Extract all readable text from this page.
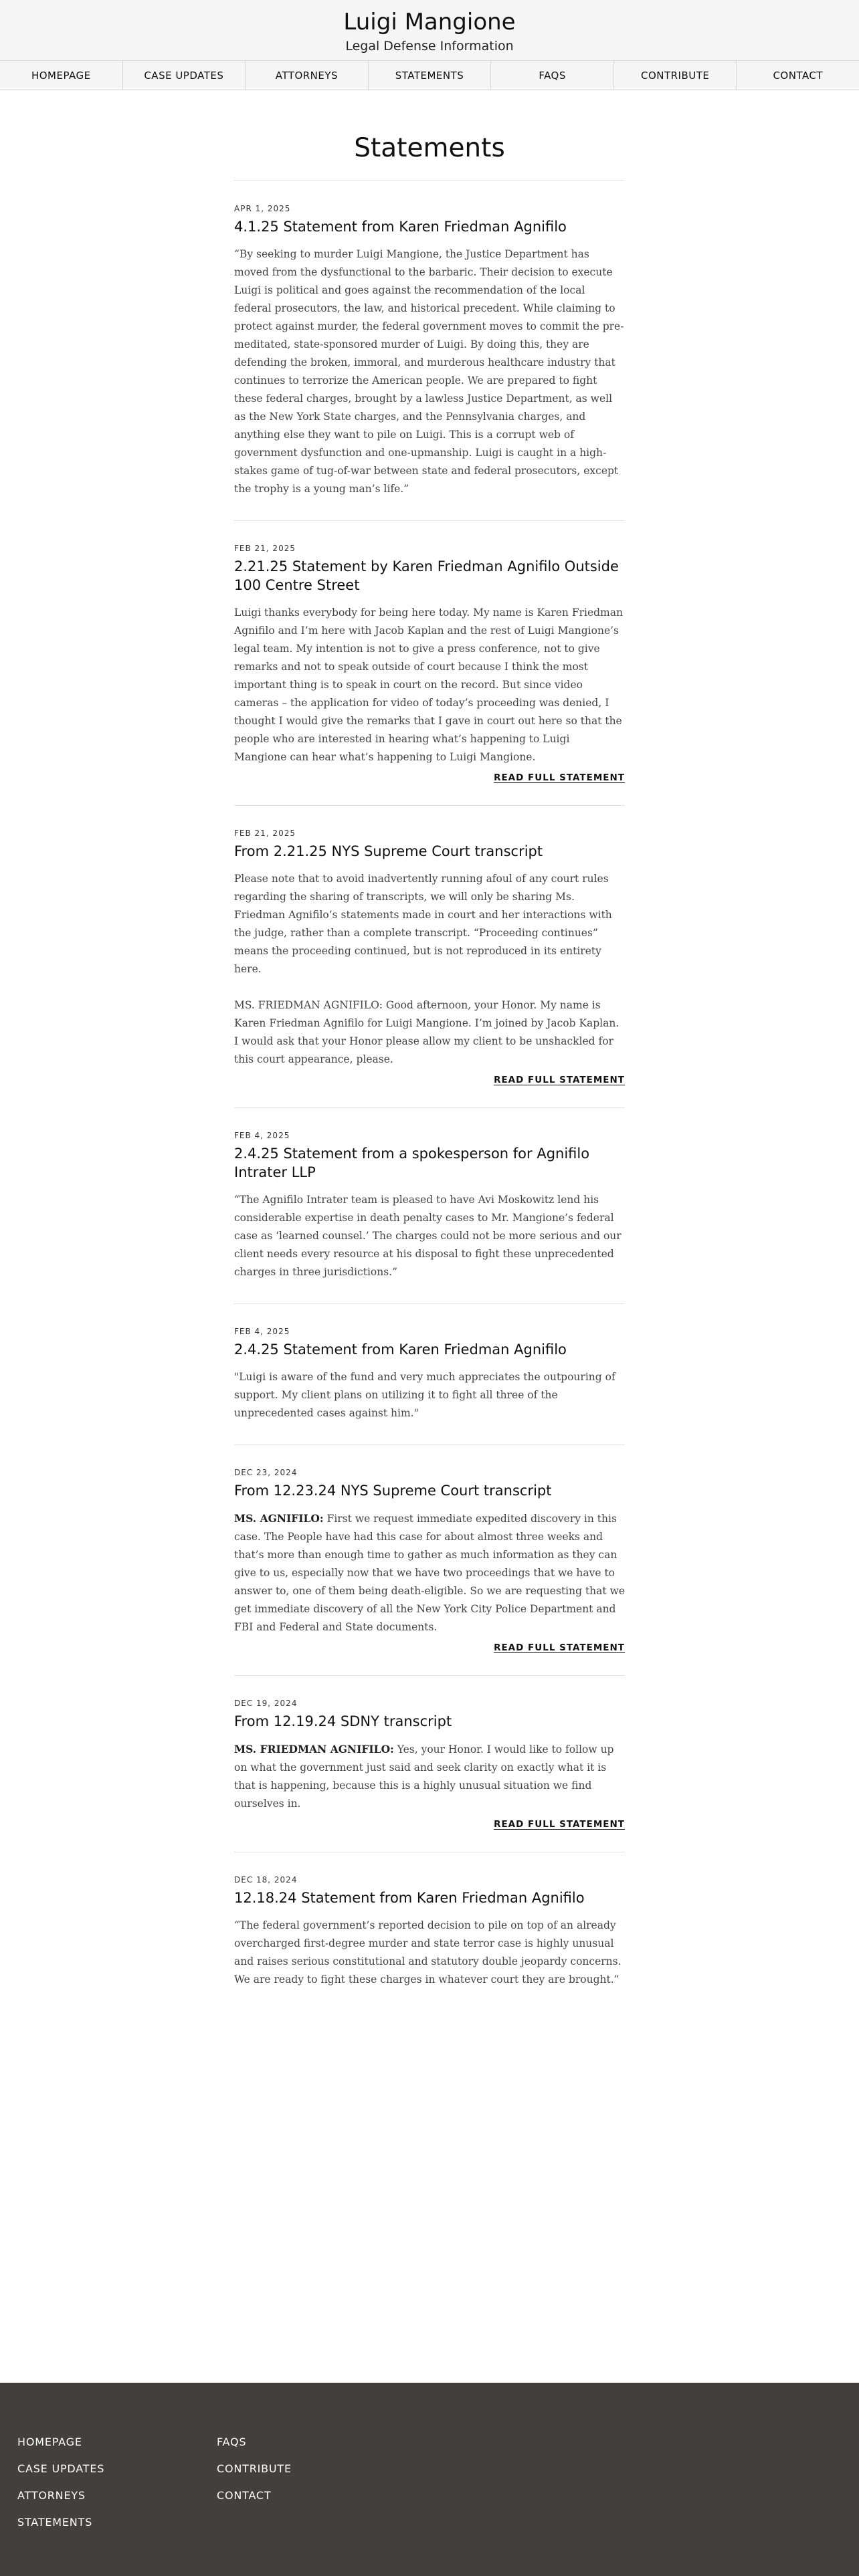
Luigi Mangione
Legal Defense Information
HOMEPAGE	CASE UPDATES	ATTORNEYS	STATEMENTS	FAQS	CONTRIBUTE	CONTACT
Statements
APR 1, 2025
4.1.25 Statement from Karen Friedman Agnifilo

“By seeking to murder Luigi Mangione, the Justice Department has moved from the dysfunctional to the barbaric. Their decision to execute Luigi is political and goes against the recommendation of the local federal prosecutors, the law, and historical precedent. While claiming to protect against murder, the federal government moves to commit the pre-meditated, state-sponsored murder of Luigi. By doing this, they are defending the broken, immoral, and murderous healthcare industry that continues to terrorize the American people. We are prepared to fight these federal charges, brought by a lawless Justice Department, as well as the New York State charges, and the Pennsylvania charges, and anything else they want to pile on Luigi. This is a corrupt web of government dysfunction and one-upmanship. Luigi is caught in a high-stakes game of tug-of-war between state and federal prosecutors, except the trophy is a young man’s life.”

FEB 21, 2025
2.21.25 Statement by Karen Friedman Agnifilo Outside 100 Centre Street

Luigi thanks everybody for being here today. My name is Karen Friedman Agnifilo and I’m here with Jacob Kaplan and the rest of Luigi Mangione’s legal team. My intention is not to give a press conference, not to give remarks and not to speak outside of court because I think the most important thing is to speak in court on the record. But since video cameras – the application for video of today’s proceeding was denied, I thought I would give the remarks that I gave in court out here so that the people who are interested in hearing what’s happening to Luigi Mangione can hear what’s happening to Luigi Mangione.

READ FULL STATEMENT
FEB 21, 2025
From 2.21.25 NYS Supreme Court transcript

Please note that to avoid inadvertently running afoul of any court rules regarding the sharing of transcripts, we will only be sharing Ms. Friedman Agnifilo’s statements made in court and her interactions with the judge, rather than a complete transcript. “Proceeding continues” means the proceeding continued, but is not reproduced in its entirety here.

MS. FRIEDMAN AGNIFILO: Good afternoon, your Honor. My name is Karen Friedman Agnifilo for Luigi Mangione. I’m joined by Jacob Kaplan. I would ask that your Honor please allow my client to be unshackled for this court appearance, please.

READ FULL STATEMENT
FEB 4, 2025
2.4.25 Statement from a spokesperson for Agnifilo Intrater LLP

“The Agnifilo Intrater team is pleased to have Avi Moskowitz lend his considerable expertise in death penalty cases to Mr. Mangione’s federal case as ‘learned counsel.’ The charges could not be more serious and our client needs every resource at his disposal to fight these unprecedented charges in three jurisdictions.”

FEB 4, 2025
2.4.25 Statement from Karen Friedman Agnifilo

"Luigi is aware of the fund and very much appreciates the outpouring of support. My client plans on utilizing it to fight all three of the unprecedented cases against him."

DEC 23, 2024
From 12.23.24 NYS Supreme Court transcript

MS. AGNIFILO: First we request immediate expedited discovery in this case. The People have had this case for about almost three weeks and that’s more than enough time to gather as much information as they can give to us, especially now that we have two proceedings that we have to answer to, one of them being death-eligible. So we are requesting that we get immediate discovery of all the New York City Police Department and FBI and Federal and State documents.

READ FULL STATEMENT
DEC 19, 2024
From 12.19.24 SDNY transcript

MS. FRIEDMAN AGNIFILO: Yes, your Honor. I would like to follow up on what the government just said and seek clarity on exactly what it is that is happening, because this is a highly unusual situation we find ourselves in.

READ FULL STATEMENT
DEC 18, 2024
12.18.24 Statement from Karen Friedman Agnifilo

“The federal government’s reported decision to pile on top of an already overcharged first-degree murder and state terror case is highly unusual and raises serious constitutional and statutory double jeopardy concerns. We are ready to fight these charges in whatever court they are brought.”

HOMEPAGE
CASE UPDATES
ATTORNEYS
STATEMENTS
FAQS
CONTRIBUTE
CONTACT
